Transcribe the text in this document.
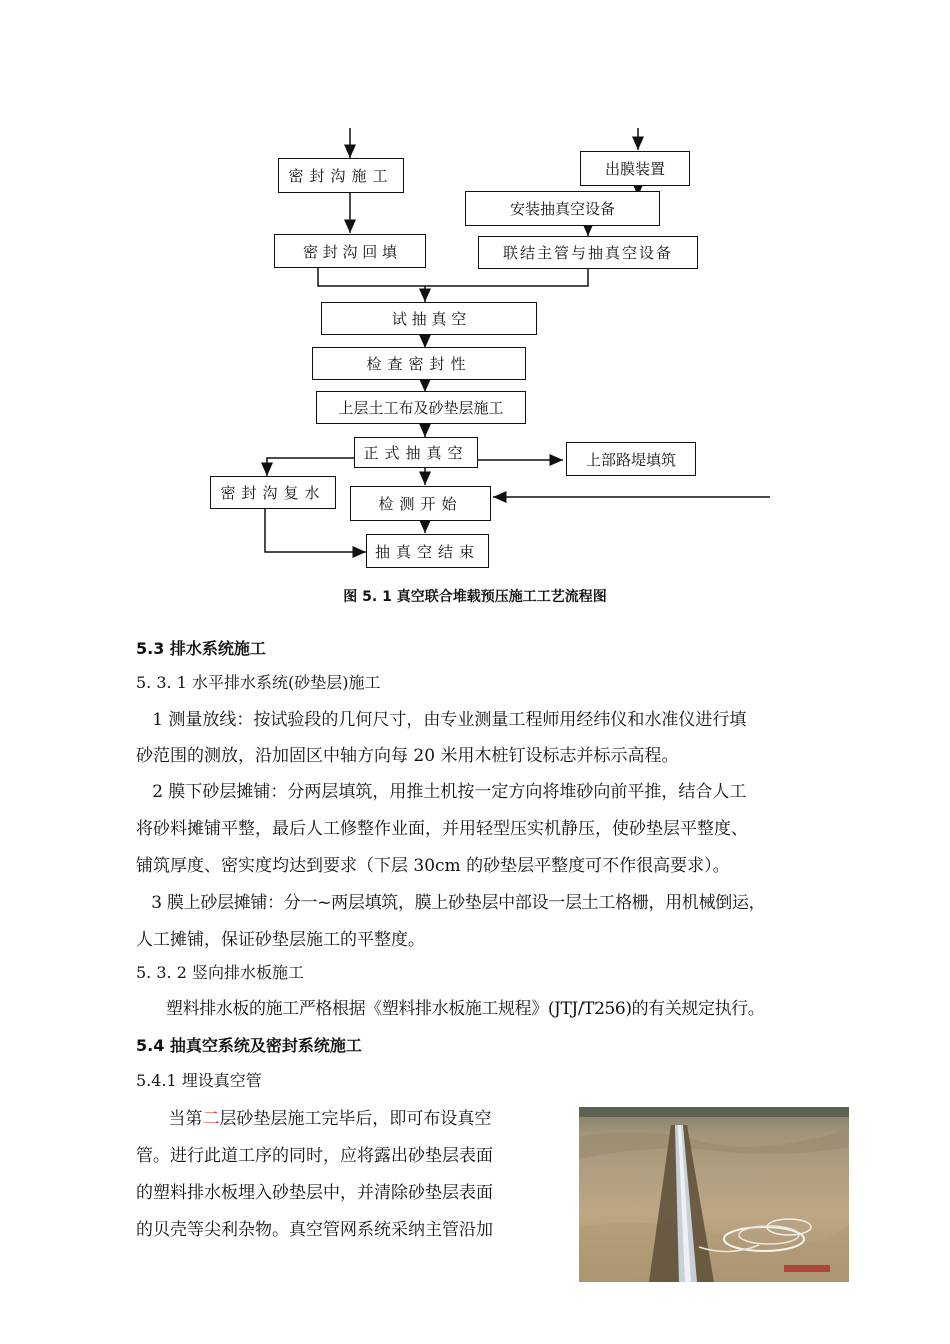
密封沟施工	出膜装置
安装抽真空设备
密 封 沟 回 填	联结主管与抽真空设备
试 抽 真 空
检查密封性
上层土工布及砂垫层施工
正式抽真空	上部路堤填筑
密封沟复水
检测开始
抽真空结束
图 5. 1 真空联合堆载预压施工工艺流程图
5.3 排水系统施工
5. 3. 1 水平排水系统(砂垫层)施工
1 测量放线：按试验段的几何尺寸，由专业测量工程师用经纬仪和水准仪进行填
砂范围的测放，沿加固区中轴方向每 20 米用木桩钉设标志并标示高程。
2 膜下砂层摊铺：分两层填筑，用推土机按一定方向将堆砂向前平推，结合人工
将砂料摊铺平整，最后人工修整作业面，并用轻型压实机静压，使砂垫层平整度、
铺筑厚度、密实度均达到要求（下层 30cm 的砂垫层平整度可不作很高要求）。
3 膜上砂层摊铺：分一~两层填筑，膜上砂垫层中部设一层土工格栅，用机械倒运，
人工摊铺，保证砂垫层施工的平整度。
5. 3. 2 竖向排水板施工
塑料排水板的施工严格根据《塑料排水板施工规程》(JTJ/T256)的有关规定执行。
5.4 抽真空系统及密封系统施工
5.4.1 埋设真空管
当第二层砂垫层施工完毕后，即可布设真空
管。进行此道工序的同时，应将露出砂垫层表面
的塑料排水板埋入砂垫层中，并清除砂垫层表面
的贝壳等尖利杂物。真空管网系统采纳主管沿加
